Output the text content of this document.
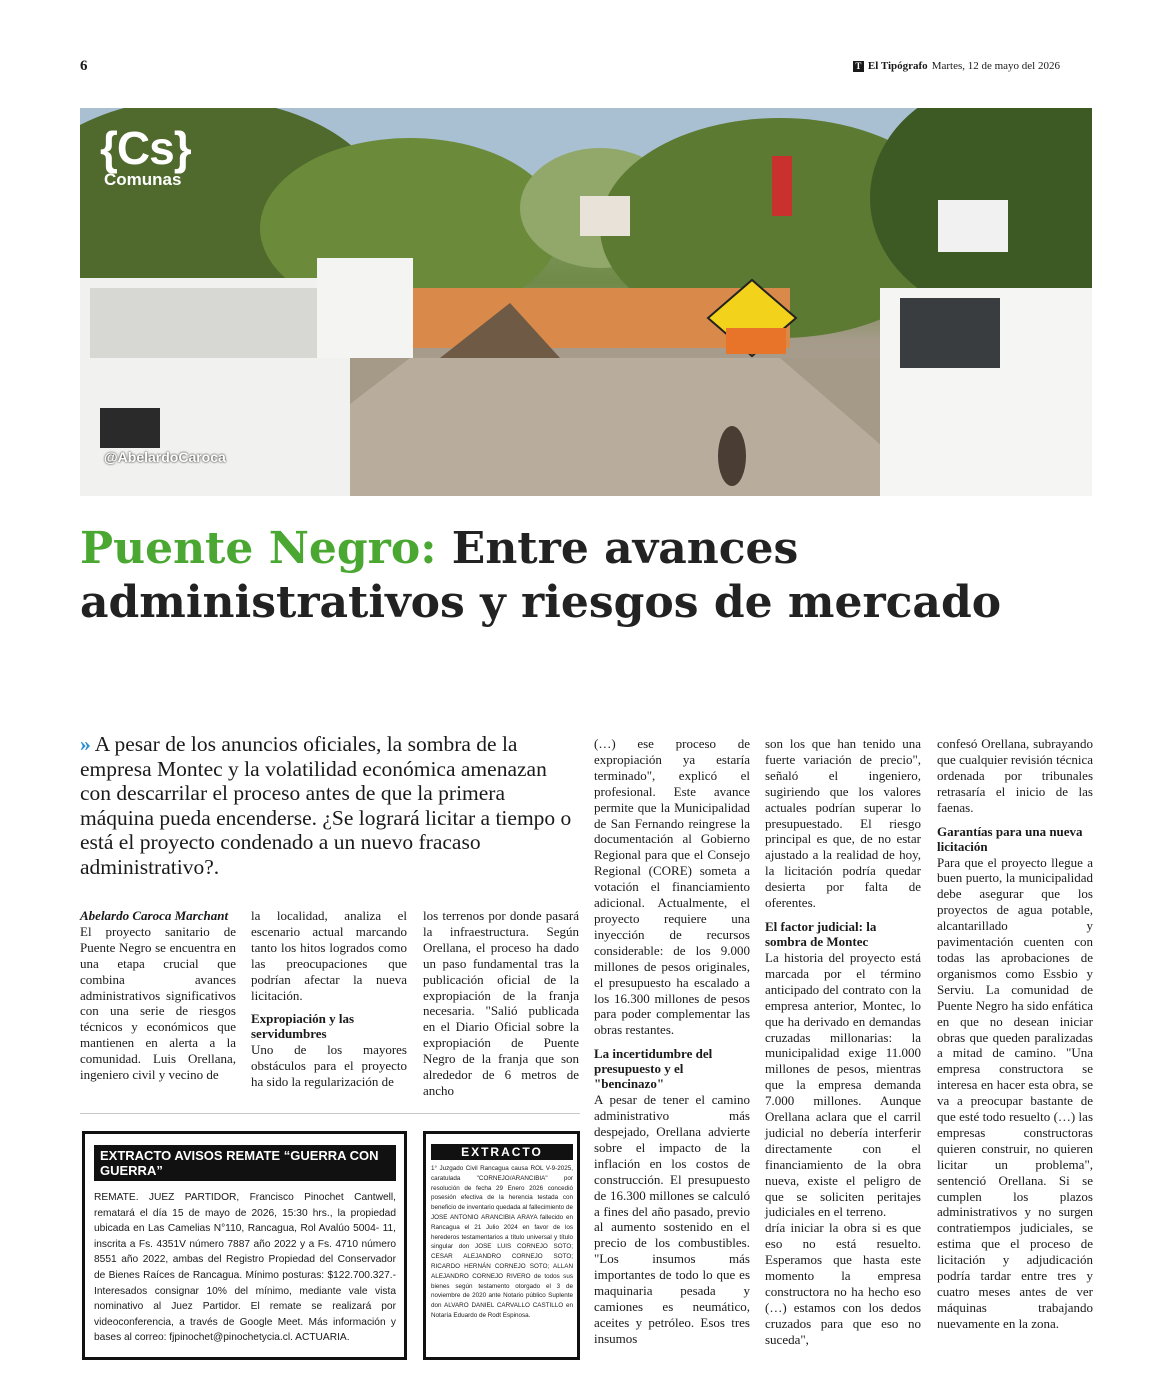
6	T El Tipógrafo Martes, 12 de mayo del 2026
{Cs}
Comunas
@AbelardoCaroca
Puente Negro: Entre avances administrativos y riesgos de mercado
» A pesar de los anuncios oficiales, la sombra de la empresa Montec y la volatilidad económica amenazan con descarrilar el proceso antes de que la primera máquina pueda encenderse. ¿Se logrará licitar a tiempo o está el proyecto condenado a un nuevo fracaso administrativo?.

Abelardo Caroca Marchant

El proyecto sanitario de Puente Negro se encuentra en una etapa crucial que combina avances administrativos significativos con una serie de riesgos técnicos y económicos que mantienen en alerta a la comunidad. Luis Orellana, ingeniero civil y vecino de

la localidad, analiza el escenario actual marcando tanto los hitos logrados como las preocupaciones que podrían afectar la nueva licitación.

Expropiación y las servidumbres

Uno de los mayores obstáculos para el proyecto ha sido la regularización de

los terrenos por donde pasará la infraestructura. Según Orellana, el proceso ha dado un paso fundamental tras la publicación oficial de la expropiación de la franja necesaria. "Salió publicada en el Diario Oficial sobre la expropiación de Puente Negro de la franja que son alrededor de 6 metros de ancho

(…) ese proceso de expropiación ya estaría terminado", explicó el profesional. Este avance permite que la Municipalidad de San Fernando reingrese la documentación al Gobierno Regional para que el Consejo Regional (CORE) someta a votación el financiamiento adicional. Actualmente, el proyecto requiere una inyección de recursos considerable: de los 9.000 millones de pesos originales, el presupuesto ha escalado a los 16.300 millones de pesos para poder complementar las obras restantes.

La incertidumbre del presupuesto y el "bencinazo"

A pesar de tener el camino administrativo más despejado, Orellana advierte sobre el impacto de la inflación en los costos de construcción. El presupuesto de 16.300 millones se calculó a fines del año pasado, previo al aumento sostenido en el precio de los combustibles. "Los insumos más importantes de todo lo que es maquinaria pesada y camiones es neumático, aceites y petróleo. Esos tres insumos

son los que han tenido una fuerte variación de precio", señaló el ingeniero, sugiriendo que los valores actuales podrían superar lo presupuestado. El riesgo principal es que, de no estar ajustado a la realidad de hoy, la licitación podría quedar desierta por falta de oferentes.

El factor judicial: la sombra de Montec

La historia del proyecto está marcada por el término anticipado del contrato con la empresa anterior, Montec, lo que ha derivado en demandas cruzadas millonarias: la municipalidad exige 11.000 millones de pesos, mientras que la empresa demanda 7.000 millones. Aunque Orellana aclara que el carril judicial no debería interferir directamente con el financiamiento de la obra nueva, existe el peligro de que se soliciten peritajes judiciales en el terreno.

dría iniciar la obra si es que eso no está resuelto. Esperamos que hasta este momento la empresa constructora no ha hecho eso (…) estamos con los dedos cruzados para que eso no suceda",

confesó Orellana, subrayando que cualquier revisión técnica ordenada por tribunales retrasaría el inicio de las faenas.

Garantías para una nueva licitación

Para que el proyecto llegue a buen puerto, la municipalidad debe asegurar que los proyectos de agua potable, alcantarillado y pavimentación cuenten con todas las aprobaciones de organismos como Essbio y Serviu. La comunidad de Puente Negro ha sido enfática en que no desean iniciar obras que queden paralizadas a mitad de camino. "Una empresa constructora se interesa en hacer esta obra, se va a preocupar bastante de que esté todo resuelto (…) las empresas constructoras quieren construir, no quieren licitar un problema", sentenció Orellana. Si se cumplen los plazos administrativos y no surgen contratiempos judiciales, se estima que el proceso de licitación y adjudicación podría tardar entre tres y cuatro meses antes de ver máquinas trabajando nuevamente en la zona.

EXTRACTO AVISOS REMATE “GUERRA CON GUERRA”
REMATE. JUEZ PARTIDOR, Francisco Pinochet Cantwell, rematará el día 15 de mayo de 2026, 15:30 hrs., la propiedad ubicada en Las Camelias N°110, Rancagua, Rol Avalúo 5004- 11, inscrita a Fs. 4351V número 7887 año 2022 y a Fs. 4710 número 8551 año 2022, ambas del Registro Propiedad del Conservador de Bienes Raíces de Rancagua. Mínimo posturas: $122.700.327.- Interesados consignar 10% del mínimo, mediante vale vista nominativo al Juez Partidor. El remate se realizará por videoconferencia, a través de Google Meet. Más información y bases al correo: fjpinochet@pinochetycia.cl. ACTUARIA.
EXTRACTO
1° Juzgado Civil Rancagua causa ROL V-9-2025, caratulada "CORNEJO/ARANCIBIA" por resolución de fecha 29 Enero 2026 concedió posesión efectiva de la herencia testada con beneficio de inventario quedada al fallecimiento de JOSE ANTONIO ARANCIBIA ARAYA fallecido en Rancagua el 21 Julio 2024 en favor de los herederos testamentarios a título universal y título singular don JOSE LUIS CORNEJO SOTO; CESAR ALEJANDRO CORNEJO SOTO; RICARDO HERNÁN CORNEJO SOTO; ALLAN ALEJANDRO CORNEJO RIVERO de todos sus bienes según testamento otorgado el 3 de noviembre de 2020 ante Notario público Suplente don ALVARO DANIEL CARVALLO CASTILLO en Notaría Eduardo de Rodt Espinosa.
